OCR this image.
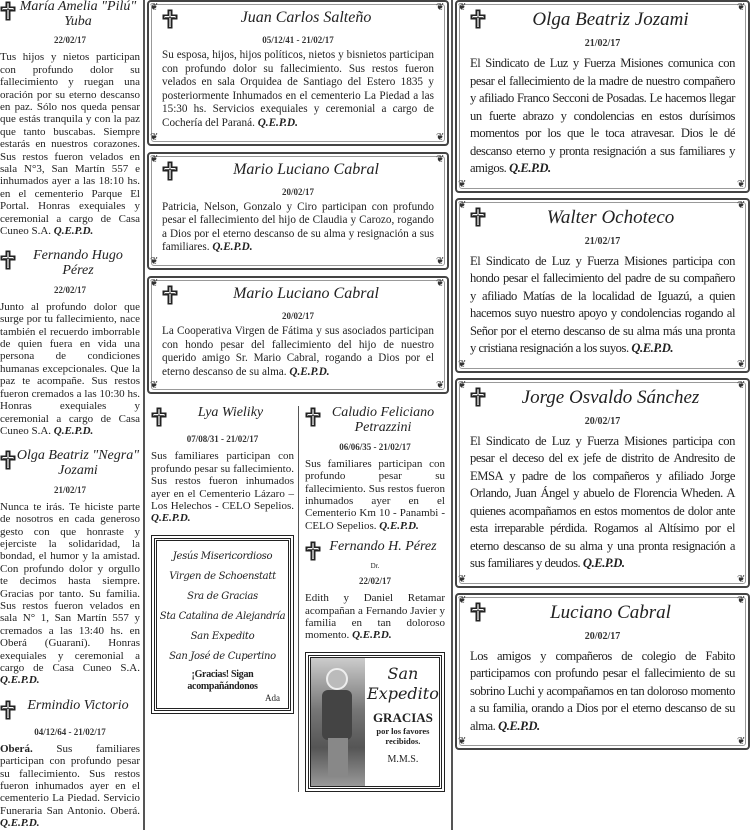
María Amelia "Pilú" Yuba
22/02/17
Tus hijos y nietos participan con profundo dolor su fallecimiento y ruegan una oración por su eterno descanso en paz. Sólo nos queda pensar que estás tranquila y con la paz que tanto buscabas. Siempre estarás en nuestros corazones. Sus restos fueron velados en sala N°3, San Martín 557 e inhumados ayer a las 18:10 hs. en el cementerio Parque El Portal. Honras exequiales y ceremonial a cargo de Casa Cuneo S.A. Q.E.P.D.
Fernando Hugo Pérez
22/02/17
Junto al profundo dolor que surge por tu fallecimiento, nace también el recuerdo imborrable de quien fuera en vida una persona de condiciones humanas excepcionales. Que la paz te acompañe. Sus restos fueron cremados a las 10:30 hs. Honras exequiales y ceremonial a cargo de Casa Cuneo S.A. Q.E.P.D.
Olga Beatriz "Negra" Jozami
21/02/17
Nunca te irás. Te hiciste parte de nosotros en cada generoso gesto con que honraste y ejerciste la solidaridad, la bondad, el humor y la amistad. Con profundo dolor y orgullo te decimos hasta siempre. Gracias por tanto. Su familia. Sus restos fueron velados en sala N° 1, San Martín 557 y cremados a las 13:40 hs. en Oberá (Guaraní). Honras exequiales y ceremonial a cargo de Casa Cuneo S.A. Q.E.P.D.
Ermindio Victorio
04/12/64 - 21/02/17
Oberá. Sus familiares participan con profundo pesar su fallecimiento. Sus restos fueron inhumados ayer en el cementerio La Piedad. Servicio Funeraria San Antonio. Oberá. Q.E.P.D.
❦	❦
❦	❦
Juan Carlos Salteño
05/12/41 - 21/02/17
Su esposa, hijos, hijos políticos, nietos y bisnietos participan con profundo dolor su fallecimiento. Sus restos fueron velados en sala Orquidea de Santiago del Estero 1835 y posteriormente Inhumados en el cementerio La Piedad a las 15:30 hs. Servicios exequiales y ceremonial a cargo de Cochería del Paraná. Q.E.P.D.
❦	❦
❦	❦
Mario Luciano Cabral
20/02/17
Patricia, Nelson, Gonzalo y Ciro participan con profundo pesar el fallecimiento del hijo de Claudia y Carozo, rogando a Dios por el eterno descanso de su alma y resignación a sus familiares. Q.E.P.D.
❦	❦
❦	❦
Mario Luciano Cabral
20/02/17
La Cooperativa Virgen de Fátima y sus asociados participan con hondo pesar del fallecimiento del hijo de nuestro querido amigo Sr. Mario Cabral, rogando a Dios por el eterno descanso de su alma. Q.E.P.D.
Lya Wieliky
07/08/31 - 21/02/17
Sus familiares participan con profundo pesar su fallecimiento. Sus restos fueron inhumados ayer en el Cementerio Lázaro – Los Helechos - CELO Sepelios. Q.E.P.D.
Jesús Misericordioso
Virgen de Schoenstatt
Sra de Gracias
Sta Catalina de Alejandría
San Expedito
San José de Cupertino
¡Gracias! Sigan acompañándonos
Ada
Caludio Feliciano Petrazzini
06/06/35 - 21/02/17
Sus familiares participan con profundo pesar su fallecimiento. Sus restos fueron inhumados ayer en el Cementerio Km 10 - Panambi - CELO Sepelios. Q.E.P.D.
Fernando H. Pérez
Dr.
22/02/17
Edith y Daniel Retamar acompañan a Fernando Javier y familia en tan doloroso momento. Q.E.P.D.
San
Expedito
GRACIAS
por los favores recibidos.
M.M.S.
❦	❦
❦	❦
Olga Beatriz Jozami
21/02/17
El Sindicato de Luz y Fuerza Misiones comunica con pesar el fallecimiento de la madre de nuestro compañero y afiliado Franco Secconi de Posadas. Le hacemos llegar un fuerte abrazo y condolencias en estos durísimos momentos por los que le toca atravesar. Dios le dé descanso eterno y pronta resignación a sus familiares y amigos. Q.E.P.D.
❦	❦
❦	❦
Walter Ochoteco
21/02/17
El Sindicato de Luz y Fuerza Misiones participa con hondo pesar el fallecimiento del padre de su compañero y afiliado Matías de la localidad de Iguazú, a quien hacemos suyo nuestro apoyo y condolencias rogando al Señor por el eterno descanso de su alma más una pronta y cristiana resignación a los suyos. Q.E.P.D.
❦	❦
❦	❦
Jorge Osvaldo Sánchez
20/02/17
El Sindicato de Luz y Fuerza Misiones participa con pesar el deceso del ex jefe de distrito de Andresito de EMSA y padre de los compañeros y afiliado Jorge Orlando, Juan Ángel y abuelo de Florencia Wheden. A quienes acompañamos en estos momentos de dolor ante esta irreparable pérdida. Rogamos al Altísimo por el eterno descanso de su alma y una pronta resignación a sus familiares y deudos. Q.E.P.D.
❦	❦
❦	❦
Luciano Cabral
20/02/17
Los amigos y compañeros de colegio de Fabito participamos con profundo pesar el fallecimiento de su sobrino Luchi y acompañamos en tan doloroso momento a su familia, orando a Dios por el eterno descanso de su alma. Q.E.P.D.
